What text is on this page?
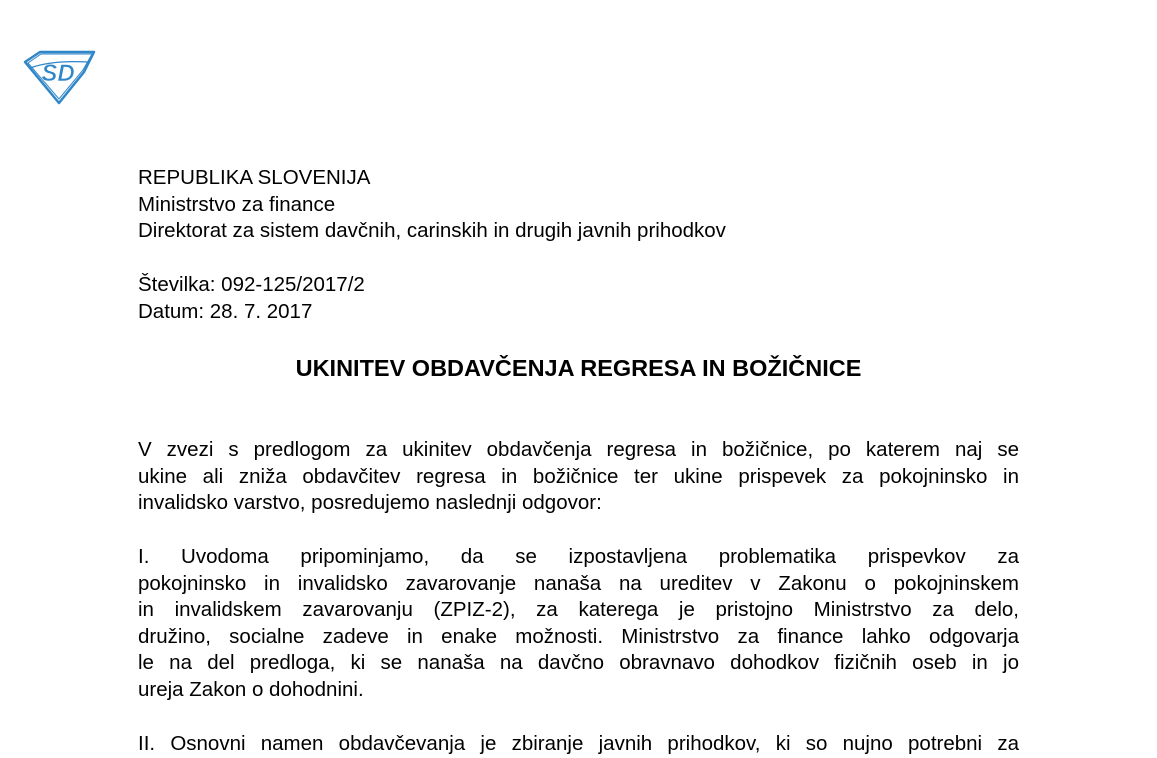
SD
REPUBLIKA SLOVENIJA
Ministrstvo za finance
Direktorat za sistem davčnih, carinskih in drugih javnih prihodkov
Številka: 092-125/2017/2
Datum: 28. 7. 2017
UKINITEV OBDAVČENJA REGRESA IN BOŽIČNICE
V zvezi s predlogom za ukinitev obdavčenja regresa in božičnice, po katerem naj se
ukine ali zniža obdavčitev regresa in božičnice ter ukine prispevek za pokojninsko in
invalidsko varstvo, posredujemo naslednji odgovor:
I. Uvodoma pripominjamo, da se izpostavljena problematika prispevkov za
pokojninsko in invalidsko zavarovanje nanaša na ureditev v Zakonu o pokojninskem
in invalidskem zavarovanju (ZPIZ-2), za katerega je pristojno Ministrstvo za delo,
družino, socialne zadeve in enake možnosti. Ministrstvo za finance lahko odgovarja
le na del predloga, ki se nanaša na davčno obravnavo dohodkov fizičnih oseb in jo
ureja Zakon o dohodnini.
II. Osnovni namen obdavčevanja je zbiranje javnih prihodkov, ki so nujno potrebni za
